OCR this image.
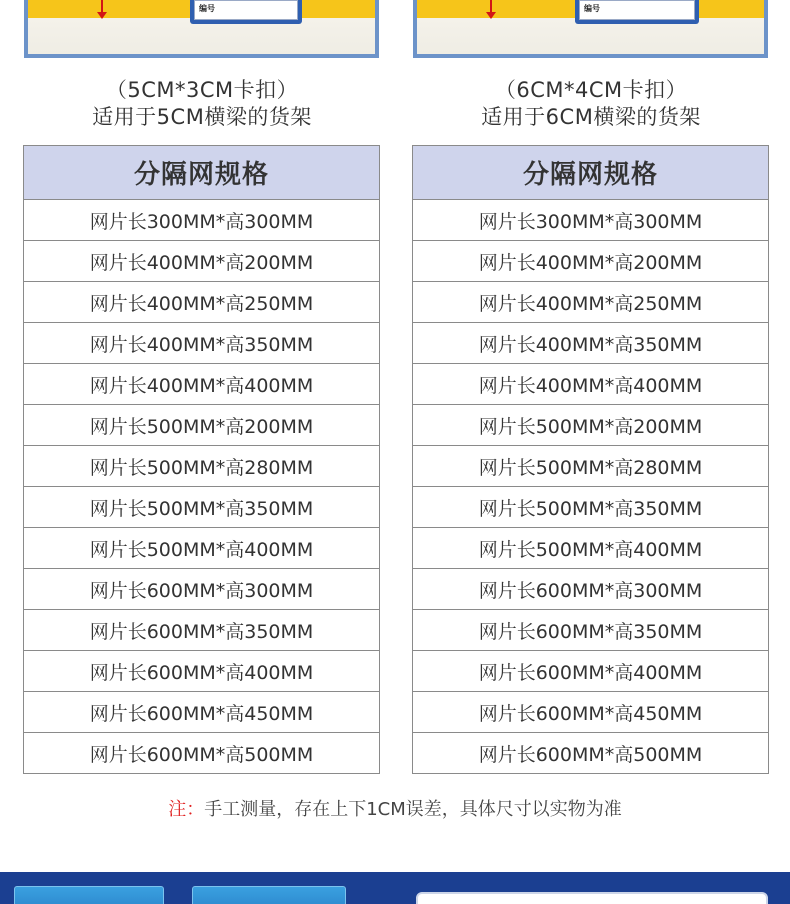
编号	编号
（5CM*3CM卡扣）
适用于5CM横梁的货架
（6CM*4CM卡扣）
适用于6CM横梁的货架
分隔网规格
网片长300MM*高300MM
网片长400MM*高200MM
网片长400MM*高250MM
网片长400MM*高350MM
网片长400MM*高400MM
网片长500MM*高200MM
网片长500MM*高280MM
网片长500MM*高350MM
网片长500MM*高400MM
网片长600MM*高300MM
网片长600MM*高350MM
网片长600MM*高400MM
网片长600MM*高450MM
网片长600MM*高500MM
分隔网规格
网片长300MM*高300MM
网片长400MM*高200MM
网片长400MM*高250MM
网片长400MM*高350MM
网片长400MM*高400MM
网片长500MM*高200MM
网片长500MM*高280MM
网片长500MM*高350MM
网片长500MM*高400MM
网片长600MM*高300MM
网片长600MM*高350MM
网片长600MM*高400MM
网片长600MM*高450MM
网片长600MM*高500MM
注：手工测量，存在上下1CM误差，具体尺寸以实物为准
